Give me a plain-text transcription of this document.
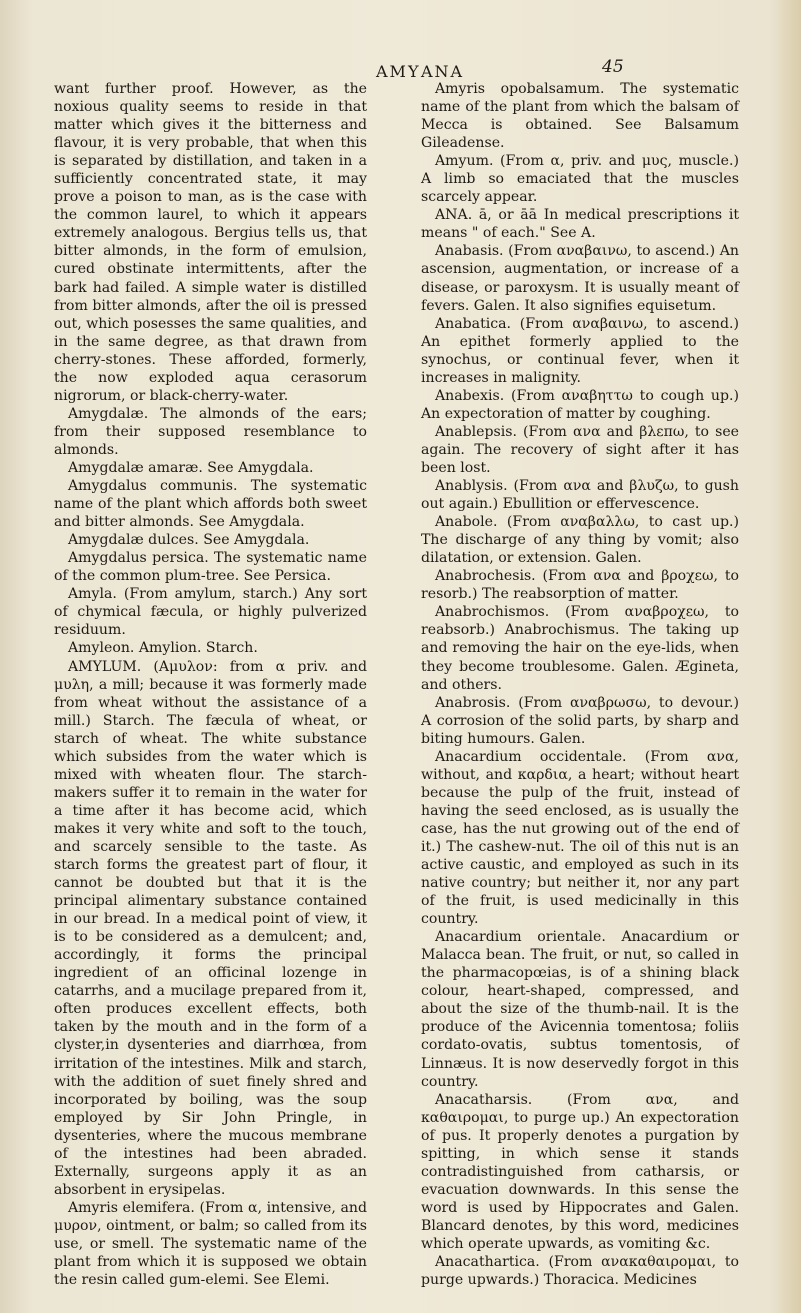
AMY ANA	45

want further proof. However, as the noxious quality seems to reside in that matter which gives it the bitterness and flavour, it is very probable, that when this is separated by distillation, and taken in a sufficiently concentrated state, it may prove a poison to man, as is the case with the common laurel, to which it appears extremely analogous. Bergius tells us, that bitter almonds, in the form of emulsion, cured obstinate intermittents, after the bark had failed. A simple water is distilled from bitter almonds, after the oil is pressed out, which posesses the same qualities, and in the same degree, as that drawn from cherry-stones. These afforded, formerly, the now exploded aqua cerasorum nigrorum, or black-cherry-water.

Amygdalæ. The almonds of the ears; from their supposed resemblance to almonds.

Amygdalæ amaræ. See Amygdala.

Amygdalus communis. The systematic name of the plant which affords both sweet and bitter almonds. See Amygdala.

Amygdalæ dulces. See Amygdala.

Amygdalus persica. The systematic name of the common plum-tree. See Persica.

Amyla. (From amylum, starch.) Any sort of chymical fæcula, or highly pulverized residuum.

Amyleon. Amylion. Starch.

AMYLUM. (Αμυλον: from α priv. and μυλη, a mill; because it was formerly made from wheat without the assistance of a mill.) Starch. The fæcula of wheat, or starch of wheat. The white substance which subsides from the water which is mixed with wheaten flour. The starch-makers suffer it to remain in the water for a time after it has become acid, which makes it very white and soft to the touch, and scarcely sensible to the taste. As starch forms the greatest part of flour, it cannot be doubted but that it is the principal alimentary substance contained in our bread. In a medical point of view, it is to be considered as a demulcent; and, accordingly, it forms the principal ingredient of an officinal lozenge in catarrhs, and a mucilage prepared from it, often produces excellent effects, both taken by the mouth and in the form of a clyster,in dysenteries and diarrhœa, from irritation of the intestines. Milk and starch, with the addition of suet finely shred and incorporated by boiling, was the soup employed by Sir John Pringle, in dysenteries, where the mucous membrane of the intestines had been abraded. Externally, surgeons apply it as an absorbent in erysipelas.

Amyris elemifera. (From α, intensive, and μυρον, ointment, or balm; so called from its use, or smell. The systematic name of the plant from which it is supposed we obtain the resin called gum-elemi. See Elemi.

Amyris opobalsamum. The systematic name of the plant from which the balsam of Mecca is obtained. See Balsamum Gileadense.

Amyum. (From α, priv. and μυς, muscle.) A limb so emaciated that the muscles scarcely appear.

ANA. ā, or āā In medical prescriptions it means " of each." See A.

Anabasis. (From αναβαινω, to ascend.) An ascension, augmentation, or increase of a disease, or paroxysm. It is usually meant of fevers. Galen. It also signifies equisetum.

Anabatica. (From αναβαινω, to ascend.) An epithet formerly applied to the synochus, or continual fever, when it increases in malignity.

Anabexis. (From αναβηττω to cough up.) An expectoration of matter by coughing.

Anablepsis. (From ανα and βλεπω, to see again. The recovery of sight after it has been lost.

Anablysis. (From ανα and βλυζω, to gush out again.) Ebullition or effervescence.

Anabole. (From αναβαλλω, to cast up.) The discharge of any thing by vomit; also dilatation, or extension. Galen.

Anabrochesis. (From ανα and βροχεω, to resorb.) The reabsorption of matter.

Anabrochismos. (From αναβροχεω, to reabsorb.) Anabrochismus. The taking up and removing the hair on the eye-lids, when they become troublesome. Galen. Ægineta, and others.

Anabrosis. (From αναβρωσω, to devour.) A corrosion of the solid parts, by sharp and biting humours. Galen.

Anacardium occidentale. (From ανα, without, and καρδια, a heart; without heart because the pulp of the fruit, instead of having the seed enclosed, as is usually the case, has the nut growing out of the end of it.) The cashew-nut. The oil of this nut is an active caustic, and employed as such in its native country; but neither it, nor any part of the fruit, is used medicinally in this country.

Anacardium orientale. Anacardium or Malacca bean. The fruit, or nut, so called in the pharmacopœias, is of a shining black colour, heart-shaped, compressed, and about the size of the thumb-nail. It is the produce of the Avicennia tomentosa; foliis cordato-ovatis, subtus tomentosis, of Linnæus. It is now deservedly forgot in this country.

Anacatharsis. (From ανα, and καθαιρομαι, to purge up.) An expectoration of pus. It properly denotes a purgation by spitting, in which sense it stands contradistinguished from catharsis, or evacuation downwards. In this sense the word is used by Hippocrates and Galen. Blancard denotes, by this word, medicines which operate upwards, as vomiting &c.

Anacathartica. (From ανακαθαιρομαι, to purge upwards.) Thoracica. Medicines
